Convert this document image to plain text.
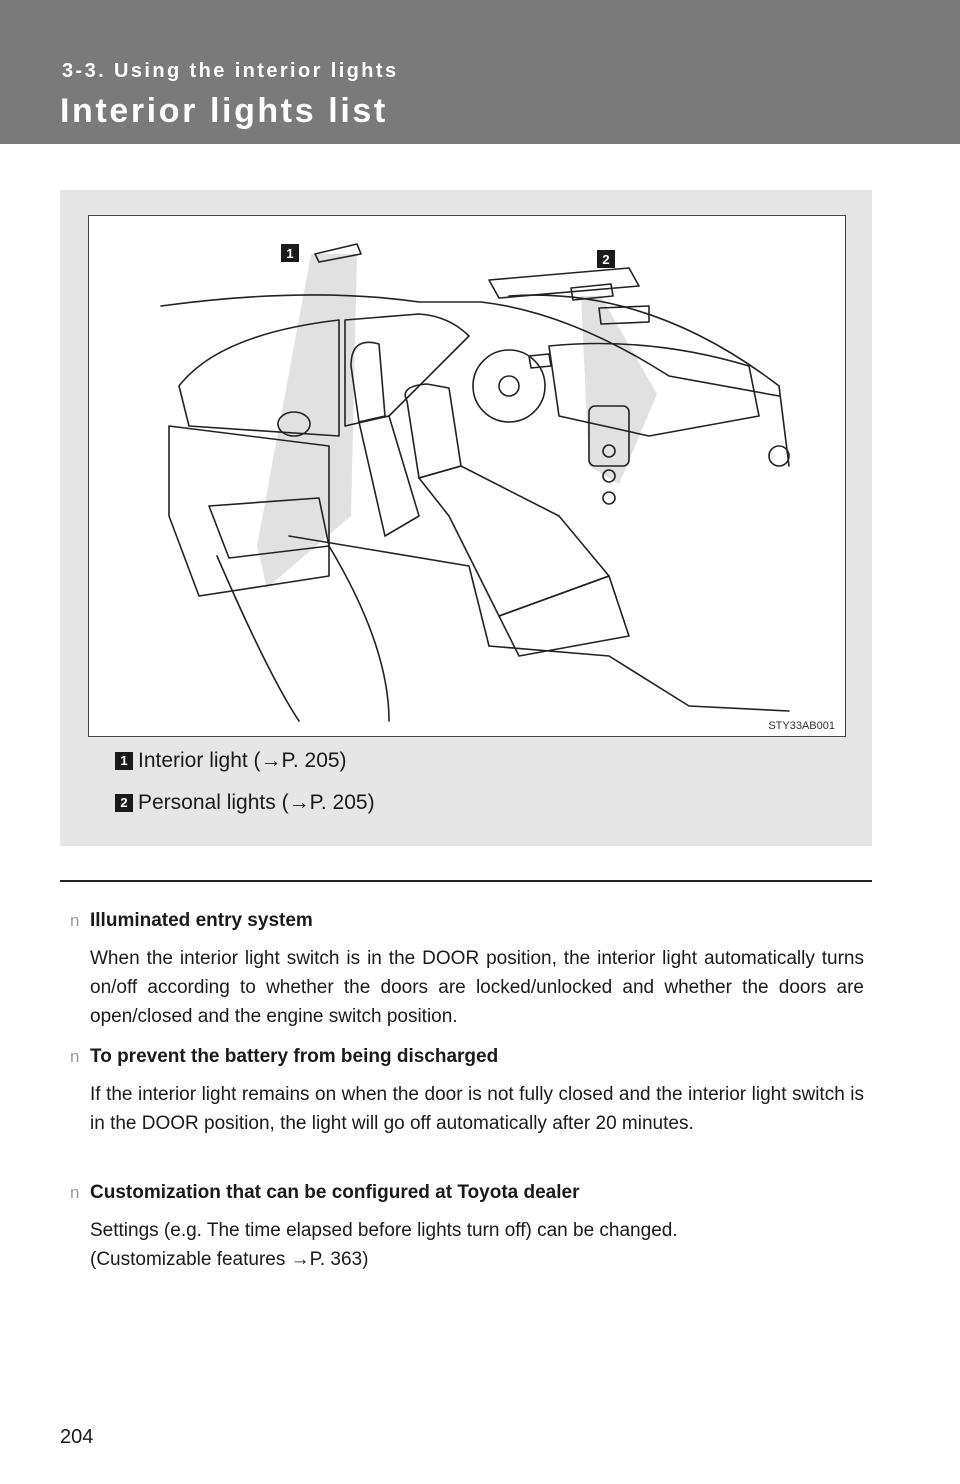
3-3. Using the interior lights

Interior lights list
1	2
STY33AB001
1 Interior light (→P. 205)
2 Personal lights (→P. 205)
n Illuminated entry system

When the interior light switch is in the DOOR position, the interior light automatically turns on/off according to whether the doors are locked/unlocked and whether the doors are open/closed and the engine switch position.

n To prevent the battery from being discharged

If the interior light remains on when the door is not fully closed and the interior light switch is in the DOOR position, the light will go off automatically after 20 minutes.

n Customization that can be configured at Toyota dealer

Settings (e.g. The time elapsed before lights turn off) can be changed.
(Customizable features →P. 363)

204
